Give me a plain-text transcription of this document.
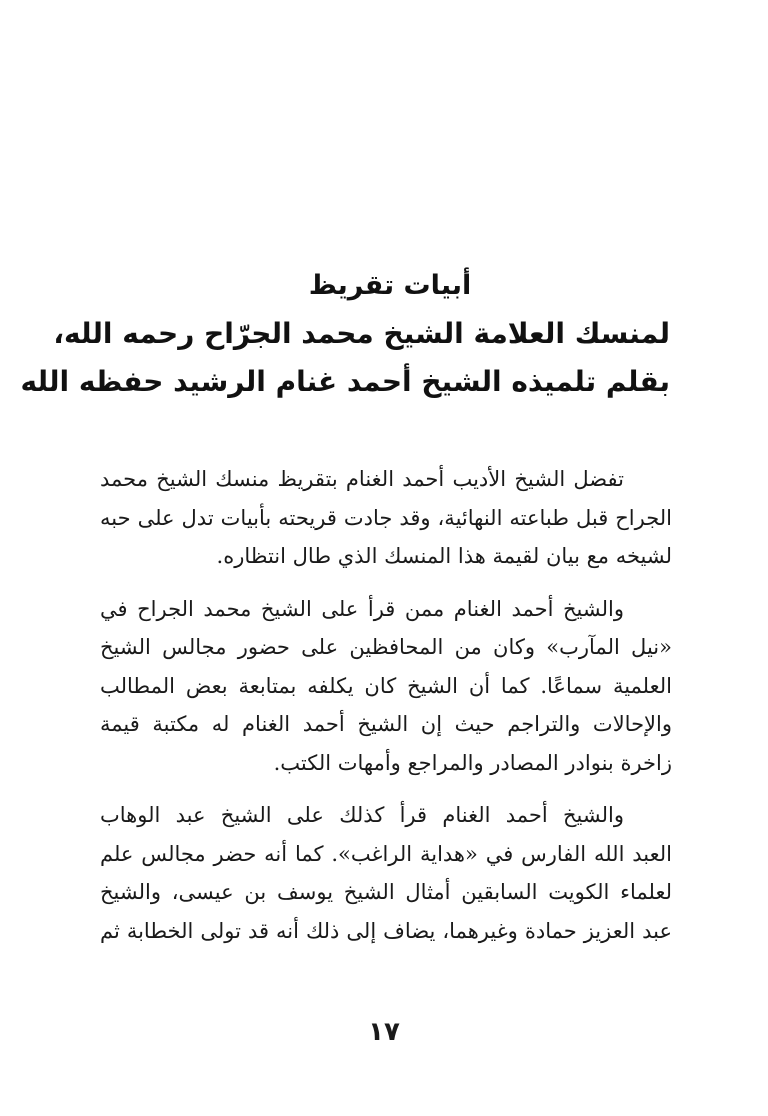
أبيات تقريظ
لمنسك العلامة الشيخ محمد الجرّاح رحمه الله،
بقلم تلميذه الشيخ أحمد غنام الرشيد حفظه الله
تفضل الشيخ الأديب أحمد الغنام بتقريظ منسك الشيخ محمد
الجراح قبل طباعته النهائية، وقد جادت قريحته بأبيات تدل على حبه
لشيخه مع بيان لقيمة هذا المنسك الذي طال انتظاره.
والشيخ أحمد الغنام ممن قرأ على الشيخ محمد الجراح في
«نيل المآرب» وكان من المحافظين على حضور مجالس الشيخ
العلمية سماعًا. كما أن الشيخ كان يكلفه بمتابعة بعض المطالب
والإحالات والتراجم حيث إن الشيخ أحمد الغنام له مكتبة قيمة
زاخرة بنوادر المصادر والمراجع وأمهات الكتب.
والشيخ أحمد الغنام قرأ كذلك على الشيخ عبد الوهاب
العبد الله الفارس في «هداية الراغب». كما أنه حضر مجالس علم
لعلماء الكويت السابقين أمثال الشيخ يوسف بن عيسى، والشيخ
عبد العزيز حمادة وغيرهما، يضاف إلى ذلك أنه قد تولى الخطابة ثم
١٧
